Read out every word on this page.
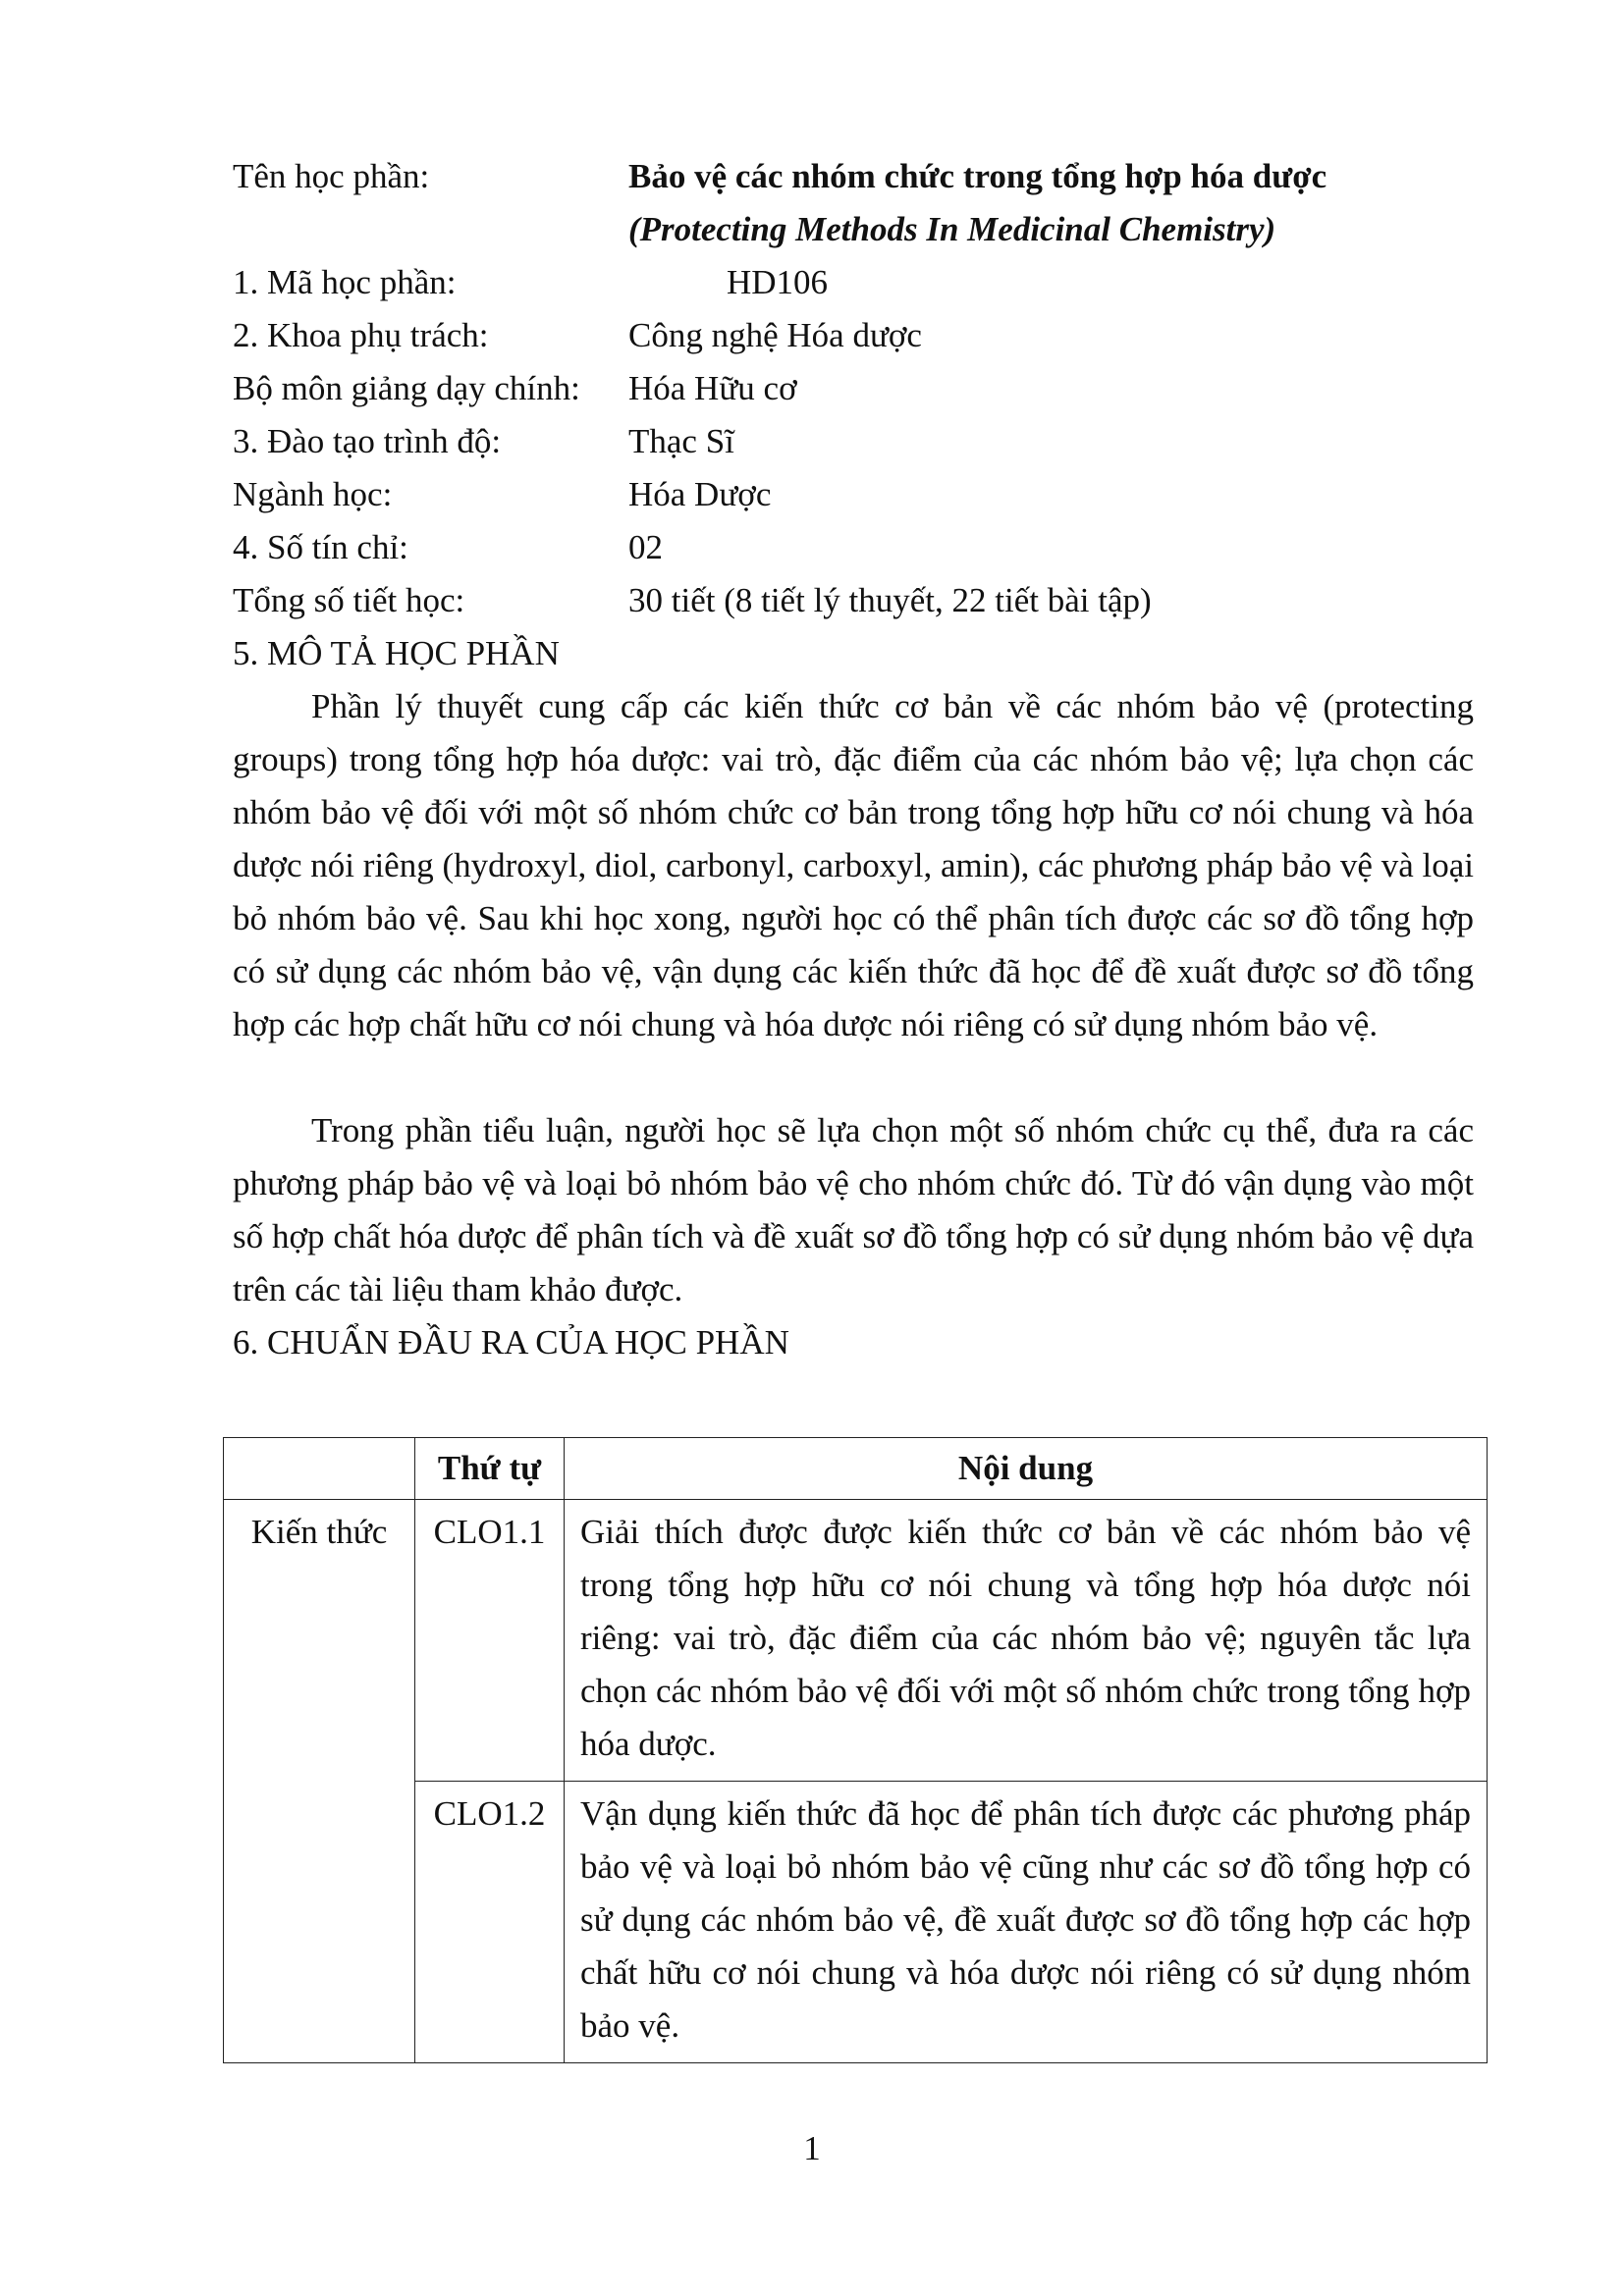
Tên học phần:	Bảo vệ các nhóm chức trong tổng hợp hóa dược
(Protecting Methods In Medicinal Chemistry)
1. Mã học phần:	HD106
2. Khoa phụ trách:	Công nghệ Hóa dược
Bộ môn giảng dạy chính: Hóa Hữu cơ
3. Đào tạo trình độ:	Thạc Sĩ
Ngành học:	Hóa Dược
4. Số tín chỉ:	02
Tổng số tiết học:	30 tiết (8 tiết lý thuyết, 22 tiết bài tập)
5. MÔ TẢ HỌC PHẦN

Phần lý thuyết cung cấp các kiến thức cơ bản về các nhóm bảo vệ (protecting groups) trong tổng hợp hóa dược: vai trò, đặc điểm của các nhóm bảo vệ; lựa chọn các nhóm bảo vệ đối với một số nhóm chức cơ bản trong tổng hợp hữu cơ nói chung và hóa dược nói riêng (hydroxyl, diol, carbonyl, carboxyl, amin), các phương pháp bảo vệ và loại bỏ nhóm bảo vệ. Sau khi học xong, người học có thể phân tích được các sơ đồ tổng hợp có sử dụng các nhóm bảo vệ, vận dụng các kiến thức đã học để đề xuất được sơ đồ tổng hợp các hợp chất hữu cơ nói chung và hóa dược nói riêng có sử dụng nhóm bảo vệ.

Trong phần tiểu luận, người học sẽ lựa chọn một số nhóm chức cụ thể, đưa ra các phương pháp bảo vệ và loại bỏ nhóm bảo vệ cho nhóm chức đó. Từ đó vận dụng vào một số hợp chất hóa dược để phân tích và đề xuất sơ đồ tổng hợp có sử dụng nhóm bảo vệ dựa trên các tài liệu tham khảo được.

6. CHUẨN ĐẦU RA CỦA HỌC PHẦN
	Thứ tự	Nội dung
Kiến thức	CLO1.1	Giải thích được được kiến thức cơ bản về các nhóm bảo vệ trong tổng hợp hữu cơ nói chung và tổng hợp hóa dược nói riêng: vai trò, đặc điểm của các nhóm bảo vệ; nguyên tắc lựa chọn các nhóm bảo vệ đối với một số nhóm chức trong tổng hợp hóa dược.
	CLO1.2	Vận dụng kiến thức đã học để phân tích được các phương pháp bảo vệ và loại bỏ nhóm bảo vệ cũng như các sơ đồ tổng hợp có sử dụng các nhóm bảo vệ, đề xuất được sơ đồ tổng hợp các hợp chất hữu cơ nói chung và hóa dược nói riêng có sử dụng nhóm bảo vệ.
1
